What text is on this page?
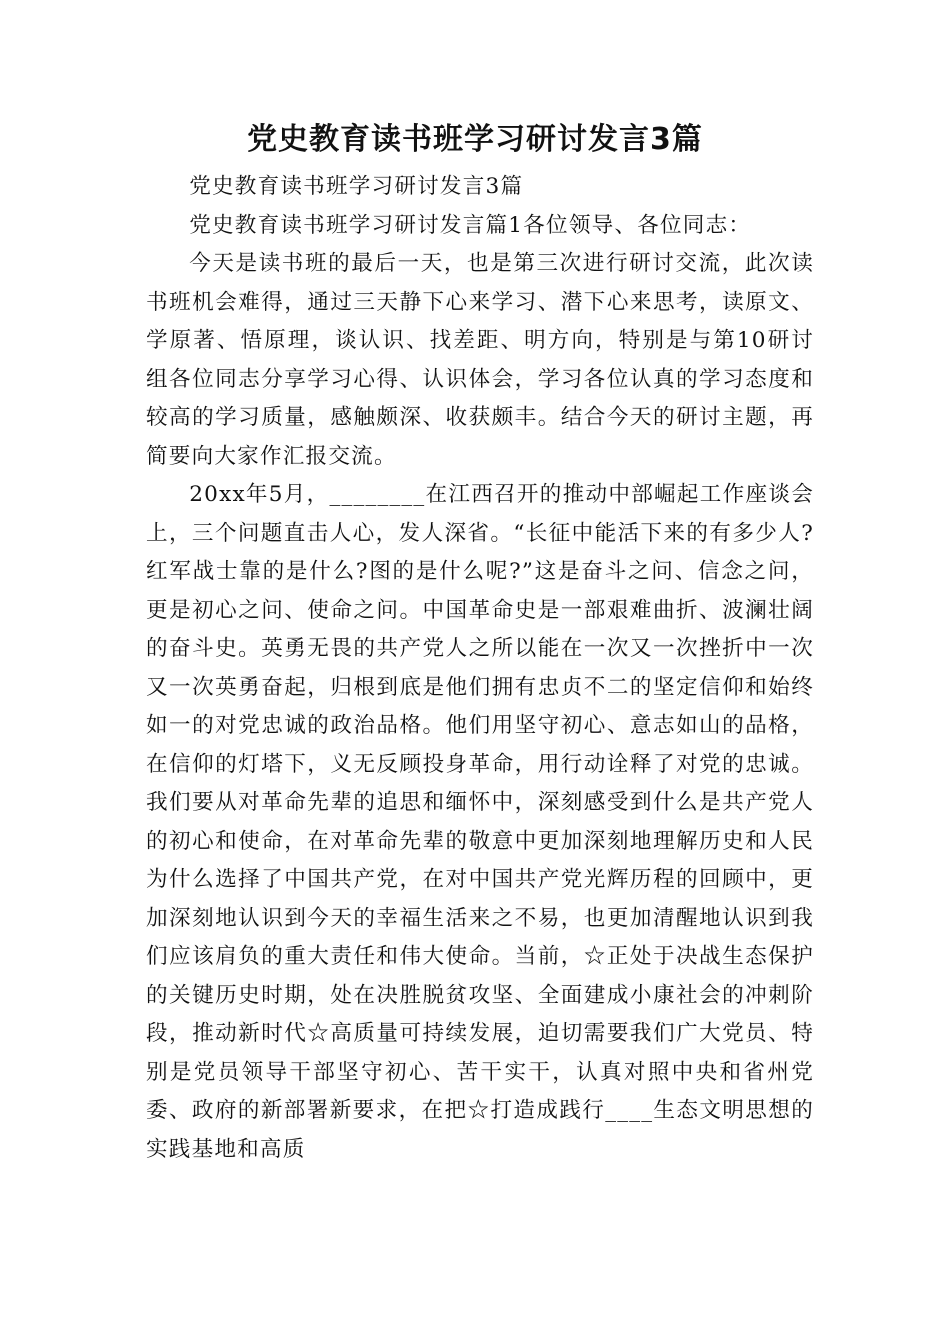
党史教育读书班学习研讨发言3篇

党史教育读书班学习研讨发言3篇

党史教育读书班学习研讨发言篇1各位领导、各位同志：

今天是读书班的最后一天，也是第三次进行研讨交流，此次读书班机会难得，通过三天静下心来学习、潜下心来思考，读原文、学原著、悟原理，谈认识、找差距、明方向，特别是与第10研讨组各位同志分享学习心得、认识体会，学习各位认真的学习态度和较高的学习质量，感触颇深、收获颇丰。结合今天的研讨主题，再简要向大家作汇报交流。

20xx年5月，________在江西召开的推动中部崛起工作座谈会上，三个问题直击人心，发人深省。“长征中能活下来的有多少人?红军战士靠的是什么?图的是什么呢?”这是奋斗之问、信念之问，更是初心之问、使命之问。中国革命史是一部艰难曲折、波澜壮阔的奋斗史。英勇无畏的共产党人之所以能在一次又一次挫折中一次又一次英勇奋起，归根到底是他们拥有忠贞不二的坚定信仰和始终如一的对党忠诚的政治品格。他们用坚守初心、意志如山的品格，在信仰的灯塔下，义无反顾投身革命，用行动诠释了对党的忠诚。我们要从对革命先辈的追思和缅怀中，深刻感受到什么是共产党人的初心和使命，在对革命先辈的敬意中更加深刻地理解历史和人民为什么选择了中国共产党，在对中国共产党光辉历程的回顾中，更加深刻地认识到今天的幸福生活来之不易，也更加清醒地认识到我们应该肩负的重大责任和伟大使命。当前，☆正处于决战生态保护的关键历史时期，处在决胜脱贫攻坚、全面建成小康社会的冲刺阶段，推动新时代☆高质量可持续发展，迫切需要我们广大党员、特别是党员领导干部坚守初心、苦干实干，认真对照中央和省州党委、政府的新部署新要求，在把☆打造成践行____生态文明思想的实践基地和高质
